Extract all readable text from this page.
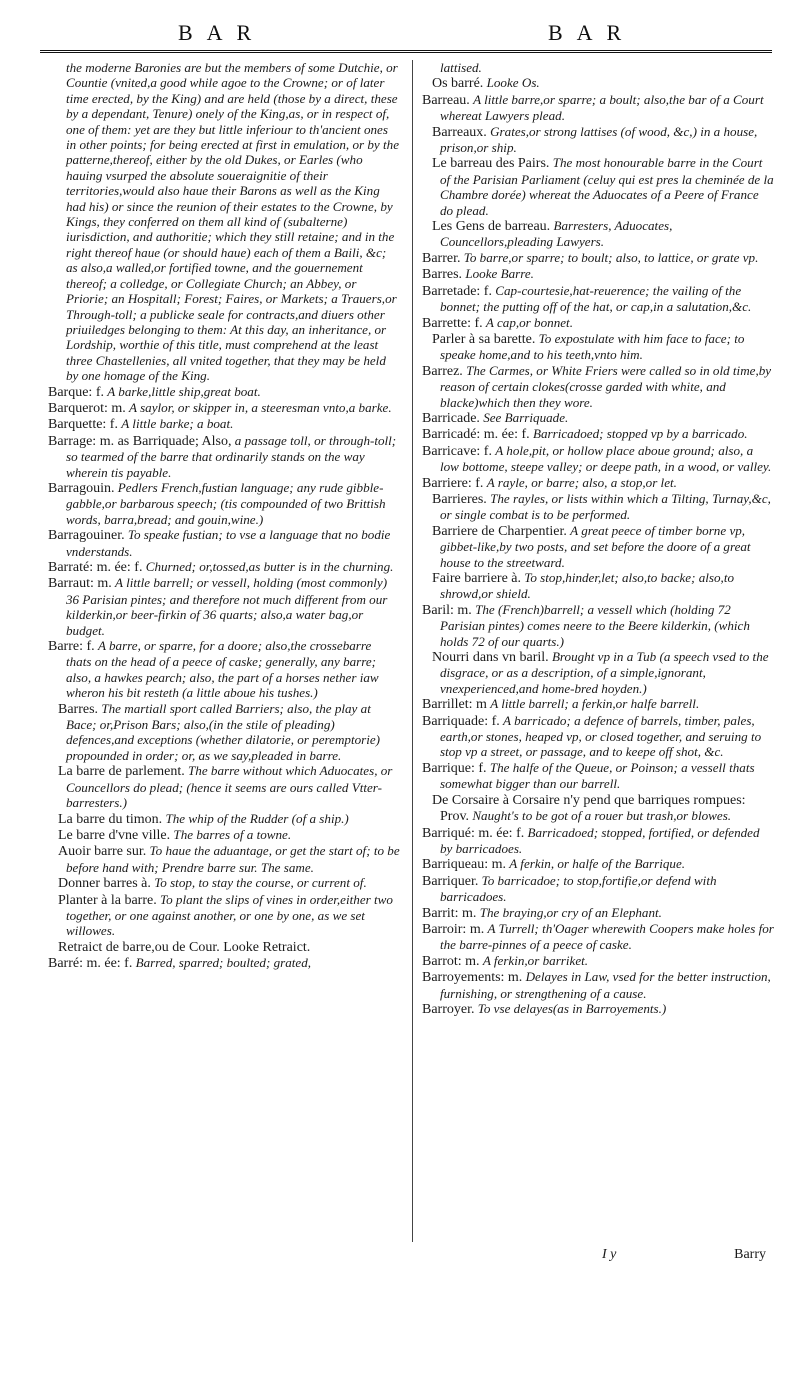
BAR	BAR

the moderne Baronies are but the members of some Dutchie, or Countie (vnited,a good while agoe to the Crowne; or of later time erected, by the King) and are held (those by a direct, these by a dependant, Tenure) onely of the King,as, or in respect of, one of them: yet are they but little inferiour to th'ancient ones in other points; for being erected at first in emulation, or by the patterne,thereof, either by the old Dukes, or Earles (who hauing vsurped the absolute soueraignitie of their territories,would also haue their Barons as well as the King had his) or since the reunion of their estates to the Crowne, by Kings, they conferred on them all kind of (subalterne) iurisdiction, and authoritie; which they still retaine; and in the right thereof haue (or should haue) each of them a Baili, &c; as also,a walled,or fortified towne, and the gouernement thereof; a colledge, or Collegiate Church; an Abbey, or Priorie; an Hospitall; Forest; Faires, or Markets; a Trauers,or Through-toll; a publicke seale for contracts,and diuers other priuiledges belonging to them: At this day, an inheritance, or Lordship, worthie of this title, must comprehend at the least three Chastellenies, all vnited together, that they may be held by one homage of the King.

Barque: f. A barke,little ship,great boat.

Barquerot: m. A saylor, or skipper in, a steeresman vnto,a barke.

Barquette: f. A little barke; a boat.

Barrage: m. as Barriquade; Also, a passage toll, or through-toll; so tearmed of the barre that ordinarily stands on the way wherein tis payable.

Barragouin. Pedlers French,fustian language; any rude gibble-gabble,or barbarous speech; (tis compounded of two Brittish words, barra,bread; and gouin,wine.)

Barragouiner. To speake fustian; to vse a language that no bodie vnderstands.

Barraté: m. ée: f. Churned; or,tossed,as butter is in the churning.

Barraut: m. A little barrell; or vessell, holding (most commonly) 36 Parisian pintes; and therefore not much different from our kilderkin,or beer-firkin of 36 quarts; also,a water bag,or budget.

Barre: f. A barre, or sparre, for a doore; also,the crossebarre thats on the head of a peece of caske; generally, any barre; also, a hawkes pearch; also, the part of a horses nether iaw wheron his bit resteth (a little aboue his tushes.)

Barres. The martiall sport called Barriers; also, the play at Bace; or,Prison Bars; also,(in the stile of pleading) defences,and exceptions (whether dilatorie, or peremptorie) propounded in order; or, as we say,pleaded in barre.

La barre de parlement. The barre without which Aduocates, or Councellors do plead; (hence it seems are ours called Vtter-barresters.)

La barre du timon. The whip of the Rudder (of a ship.)

Le barre d'vne ville. The barres of a towne.

Auoir barre sur. To haue the aduantage, or get the start of; to be before hand with; Prendre barre sur. The same.

Donner barres à. To stop, to stay the course, or current of.

Planter à la barre. To plant the slips of vines in order,either two together, or one against another, or one by one, as we set willowes.

Retraict de barre,ou de Cour. Looke Retraict.

Barré: m. ée: f. Barred, sparred; boulted; grated,

lattised.

Os barré. Looke Os.

Barreau. A little barre,or sparre; a boult; also,the bar of a Court whereat Lawyers plead.

Barreaux. Grates,or strong lattises (of wood, &c,) in a house, prison,or ship.

Le barreau des Pairs. The most honourable barre in the Court of the Parisian Parliament (celuy qui est pres la cheminée de la Chambre dorée) whereat the Aduocates of a Peere of France do plead.

Les Gens de barreau. Barresters, Aduocates, Councellors,pleading Lawyers.

Barrer. To barre,or sparre; to boult; also, to lattice, or grate vp.

Barres. Looke Barre.

Barretade: f. Cap-courtesie,hat-reuerence; the vailing of the bonnet; the putting off of the hat, or cap,in a salutation,&c.

Barrette: f. A cap,or bonnet.

Parler à sa barette. To expostulate with him face to face; to speake home,and to his teeth,vnto him.

Barrez. The Carmes, or White Friers were called so in old time,by reason of certain clokes(crosse garded with white, and blacke)which then they wore.

Barricade. See Barriquade.

Barricadé: m. ée: f. Barricadoed; stopped vp by a barricado.

Barricave: f. A hole,pit, or hollow place aboue ground; also, a low bottome, steepe valley; or deepe path, in a wood, or valley.

Barriere: f. A rayle, or barre; also, a stop,or let.

Barrieres. The rayles, or lists within which a Tilting, Turnay,&c, or single combat is to be performed.

Barriere de Charpentier. A great peece of timber borne vp, gibbet-like,by two posts, and set before the doore of a great house to the streetward.

Faire barriere à. To stop,hinder,let; also,to backe; also,to shrowd,or shield.

Baril: m. The (French)barrell; a vessell which (holding 72 Parisian pintes) comes neere to the Beere kilderkin, (which holds 72 of our quarts.)

Nourri dans vn baril. Brought vp in a Tub (a speech vsed to the disgrace, or as a description, of a simple,ignorant, vnexperienced,and home-bred hoyden.)

Barrillet: m A little barrell; a ferkin,or halfe barrell.

Barriquade: f. A barricado; a defence of barrels, timber, pales, earth,or stones, heaped vp, or closed together, and seruing to stop vp a street, or passage, and to keepe off shot, &c.

Barrique: f. The halfe of the Queue, or Poinson; a vessell thats somewhat bigger than our barrell.

De Corsaire à Corsaire n'y pend que barriques rompues: Prov. Naught's to be got of a rouer but trash,or blowes.

Barriqué: m. ée: f. Barricadoed; stopped, fortified, or defended by barricadoes.

Barriqueau: m. A ferkin, or halfe of the Barrique.

Barriquer. To barricadoe; to stop,fortifie,or defend with barricadoes.

Barrit: m. The braying,or cry of an Elephant.

Barroir: m. A Turrell; th'Oager wherewith Coopers make holes for the barre-pinnes of a peece of caske.

Barrot: m. A ferkin,or barriket.

Barroyements: m. Delayes in Law, vsed for the better instruction, furnishing, or strengthening of a cause.

Barroyer. To vse delayes(as in Barroyements.)

I y	Barry
